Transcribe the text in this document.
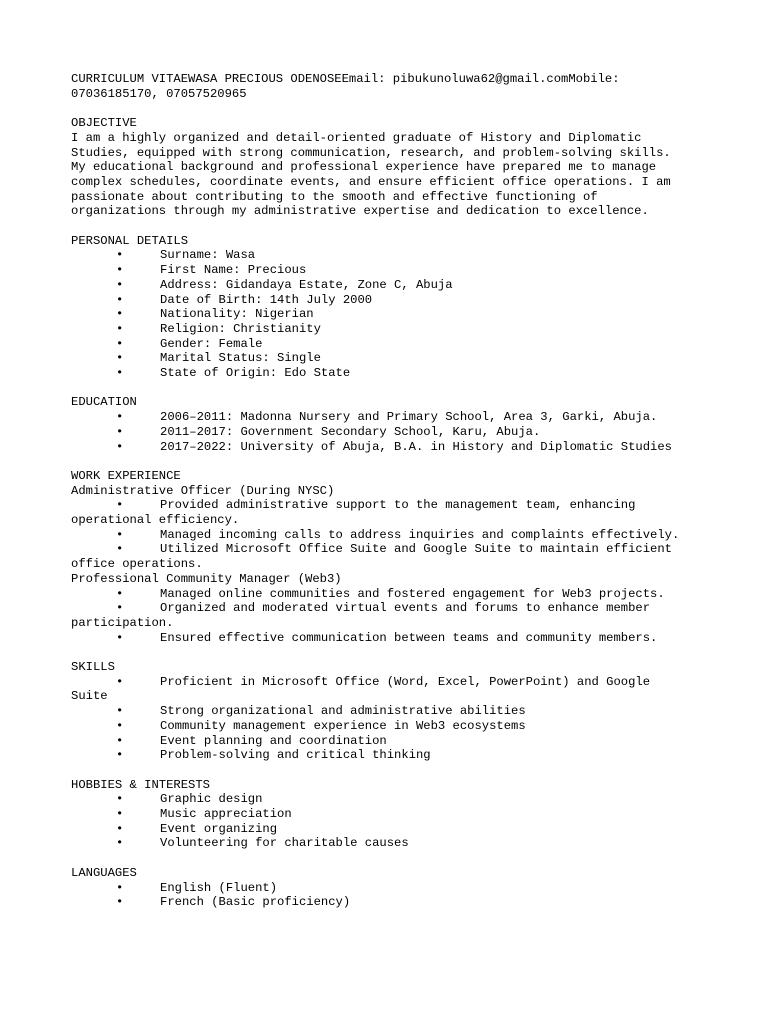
CURRICULUM VITAEWASA PRECIOUS ODENOSEEmail: pibukunoluwa62@gmail.comMobile:
07036185170, 07057520965
OBJECTIVE
I am a highly organized and detail-oriented graduate of History and Diplomatic
Studies, equipped with strong communication, research, and problem-solving skills.
My educational background and professional experience have prepared me to manage
complex schedules, coordinate events, and ensure efficient office operations. I am
passionate about contributing to the smooth and effective functioning of
organizations through my administrative expertise and dedication to excellence.
PERSONAL DETAILS
•	Surname: Wasa
•	First Name: Precious
•	Address: Gidandaya Estate, Zone C, Abuja
•	Date of Birth: 14th July 2000
•	Nationality: Nigerian
•	Religion: Christianity
•	Gender: Female
•	Marital Status: Single
•	State of Origin: Edo State
EDUCATION
•	2006–2011: Madonna Nursery and Primary School, Area 3, Garki, Abuja.
•	2011–2017: Government Secondary School, Karu, Abuja.
•	2017–2022: University of Abuja, B.A. in History and Diplomatic Studies
WORK EXPERIENCE
Administrative Officer (During NYSC)
•	Provided administrative support to the management team, enhancing
operational efficiency.
•	Managed incoming calls to address inquiries and complaints effectively.
•	Utilized Microsoft Office Suite and Google Suite to maintain efficient
office operations.
Professional Community Manager (Web3)
•	Managed online communities and fostered engagement for Web3 projects.
•	Organized and moderated virtual events and forums to enhance member
participation.
•	Ensured effective communication between teams and community members.
SKILLS
•	Proficient in Microsoft Office (Word, Excel, PowerPoint) and Google
Suite
•	Strong organizational and administrative abilities
•	Community management experience in Web3 ecosystems
•	Event planning and coordination
•	Problem-solving and critical thinking
HOBBIES & INTERESTS
•	Graphic design
•	Music appreciation
•	Event organizing
•	Volunteering for charitable causes
LANGUAGES
•	English (Fluent)
•	French (Basic proficiency)
